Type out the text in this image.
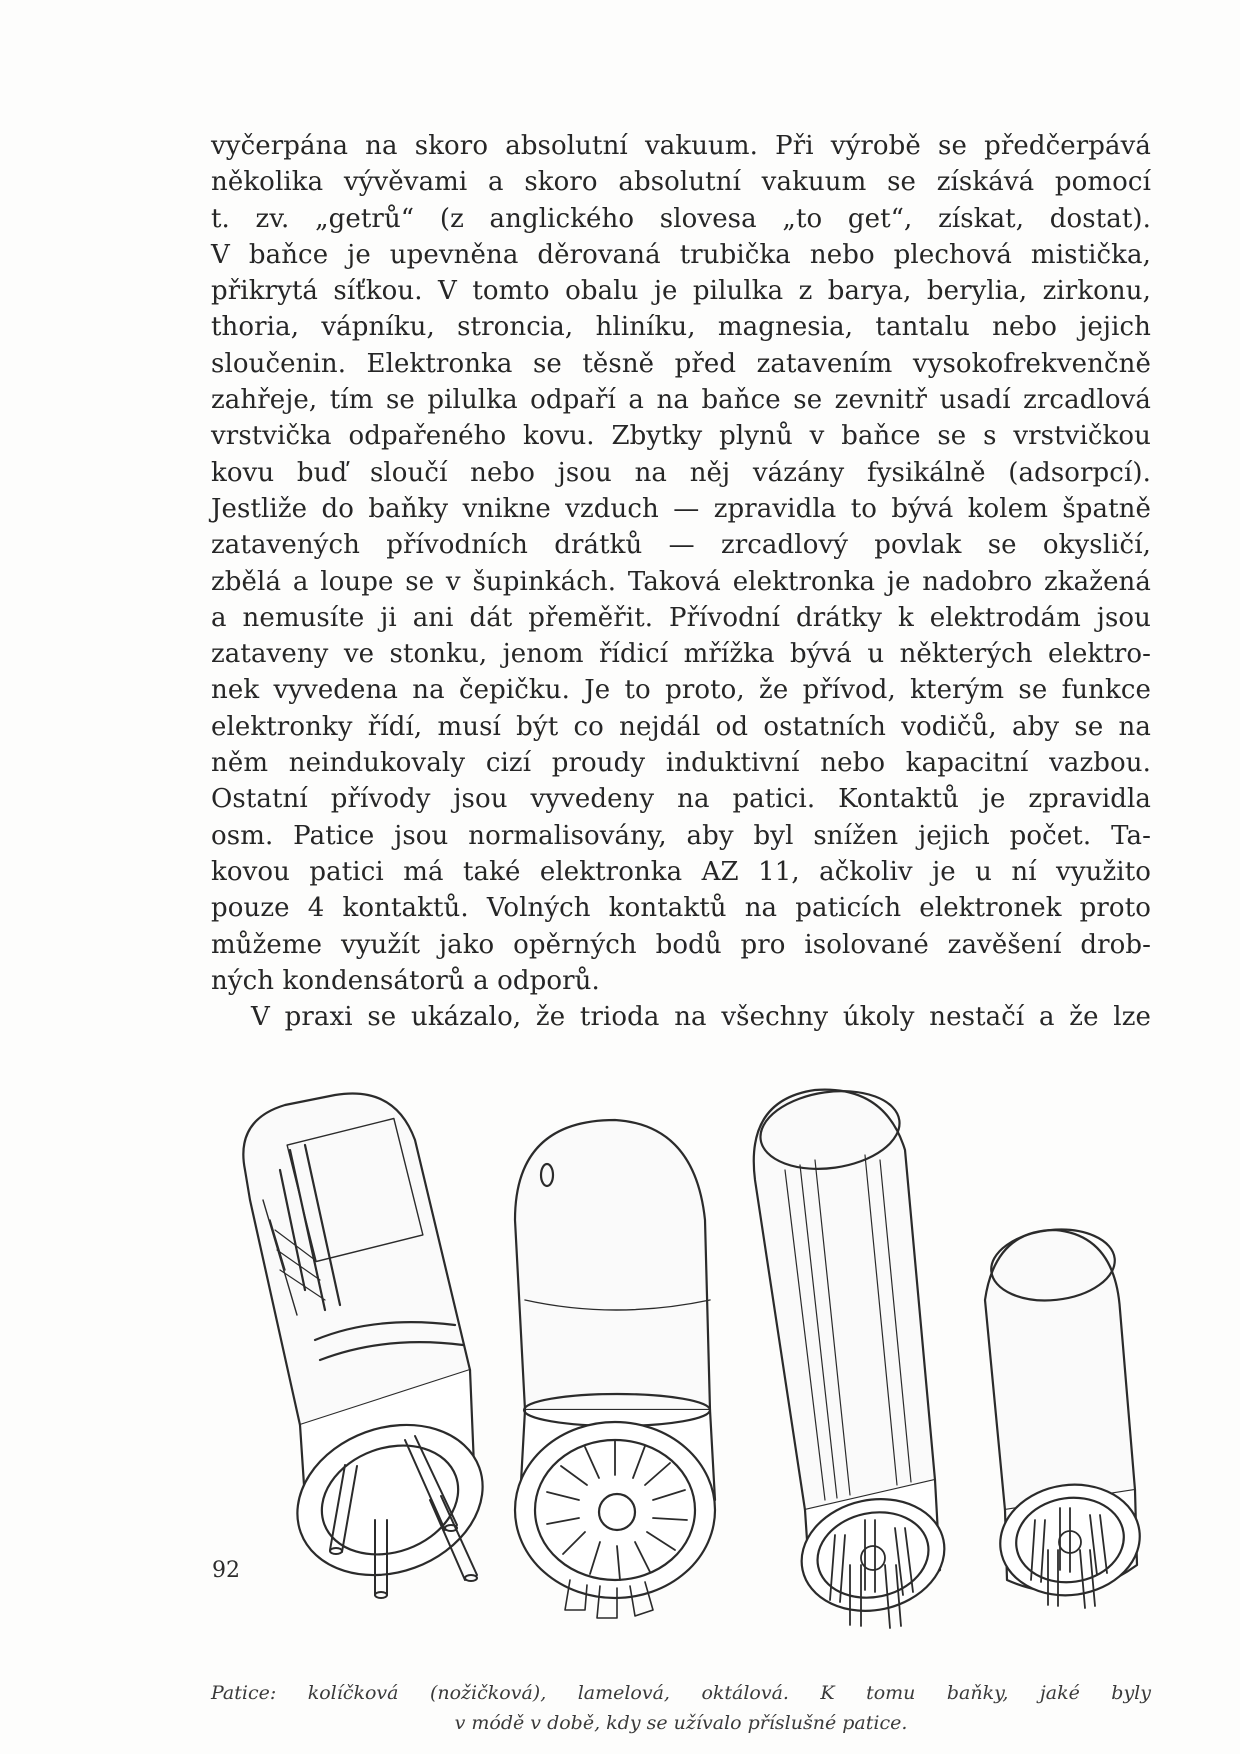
vyčerpána na skoro absolutní vakuum. Při výrobě se předčerpává
několika vývěvami a skoro absolutní vakuum se získává pomocí
t. zv. „getrů“ (z anglického slovesa „to get“, získat, dostat).
V baňce je upevněna děrovaná trubička nebo plechová mistička,
přikrytá síťkou. V tomto obalu je pilulka z barya, berylia, zirkonu,
thoria, vápníku, stroncia, hliníku, magnesia, tantalu nebo jejich
sloučenin. Elektronka se těsně před zatavením vysokofrekvenčně
zahřeje, tím se pilulka odpaří a na baňce se zevnitř usadí zrcadlová
vrstvička odpařeného kovu. Zbytky plynů v baňce se s vrstvičkou
kovu buď sloučí nebo jsou na něj vázány fysikálně (adsorpcí).
Jestliže do baňky vnikne vzduch — zpravidla to bývá kolem špatně
zatavených přívodních drátků — zrcadlový povlak se okysličí,
zbělá a loupe se v šupinkách. Taková elektronka je nadobro zkažená
a nemusíte ji ani dát přeměřit. Přívodní drátky k elektrodám jsou
zataveny ve stonku, jenom řídicí mřížka bývá u některých elektro-
nek vyvedena na čepičku. Je to proto, že přívod, kterým se funkce
elektronky řídí, musí být co nejdál od ostatních vodičů, aby se na
něm neindukovaly cizí proudy induktivní nebo kapacitní vazbou.
Ostatní přívody jsou vyvedeny na patici. Kontaktů je zpravidla
osm. Patice jsou normalisovány, aby byl snížen jejich počet. Ta-
kovou patici má také elektronka AZ 11, ačkoliv je u ní využito
pouze 4 kontaktů. Volných kontaktů na paticích elektronek proto
můžeme využít jako opěrných bodů pro isolované zavěšení drob-
ných kondensátorů a odporů.
V praxi se ukázalo, že trioda na všechny úkoly nestačí a že lze
Patice: kolíčková (nožičková), lamelová, oktálová. K tomu baňky, jaké byly
v módě v době, kdy se užívalo příslušné patice.
92
